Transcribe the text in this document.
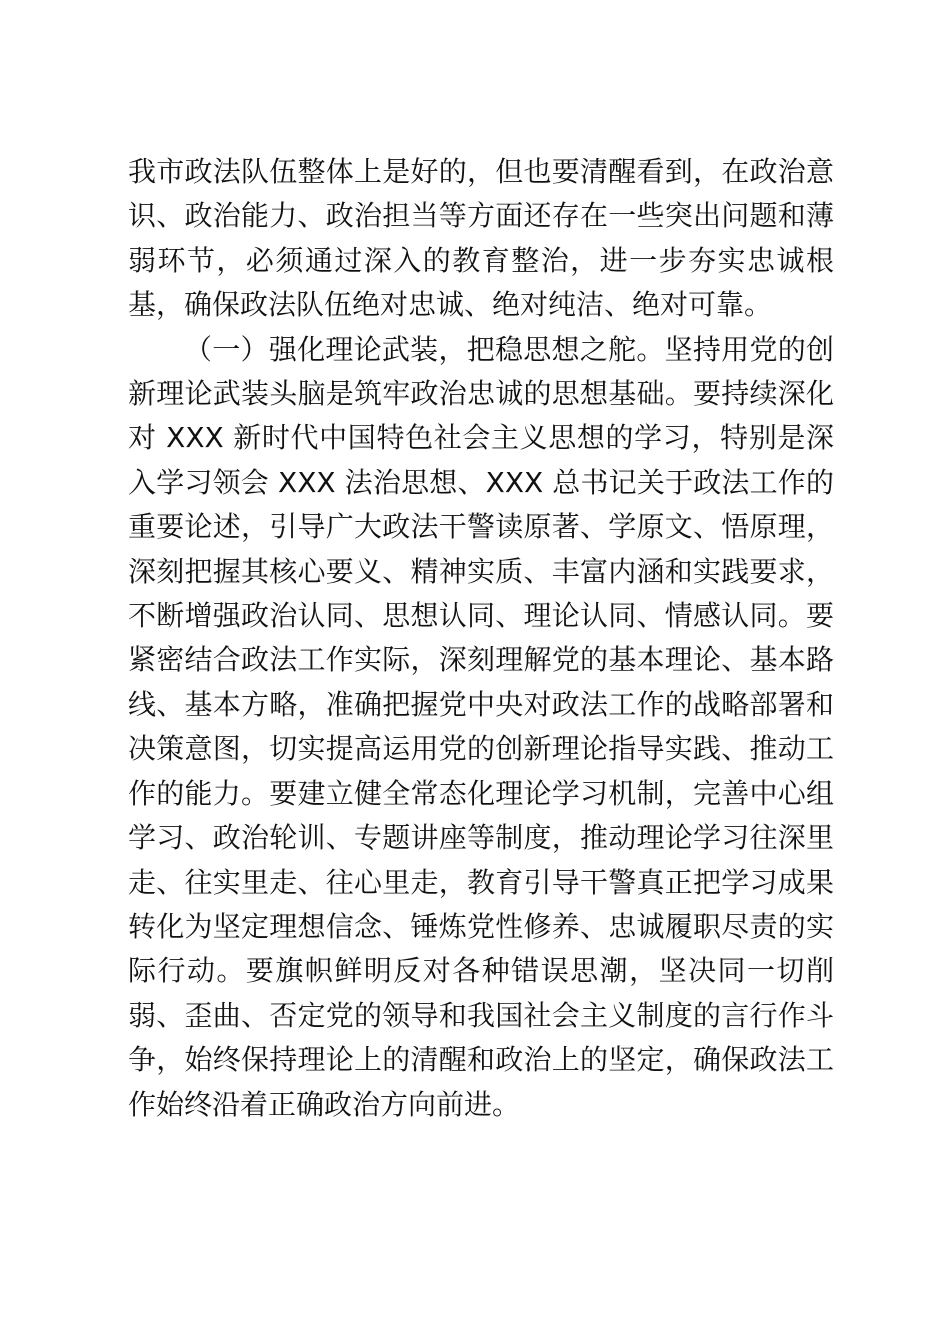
我市政法队伍整体上是好的，但也要清醒看到，在政治意识、政治能力、政治担当等方面还存在一些突出问题和薄弱环节，必须通过深入的教育整治，进一步夯实忠诚根基，确保政法队伍绝对忠诚、绝对纯洁、绝对可靠。

（一）强化理论武装，把稳思想之舵。坚持用党的创新理论武装头脑是筑牢政治忠诚的思想基础。要持续深化对 XXX 新时代中国特色社会主义思想的学习，特别是深入学习领会 XXX 法治思想、XXX 总书记关于政法工作的重要论述，引导广大政法干警读原著、学原文、悟原理，深刻把握其核心要义、精神实质、丰富内涵和实践要求，不断增强政治认同、思想认同、理论认同、情感认同。要紧密结合政法工作实际，深刻理解党的基本理论、基本路线、基本方略，准确把握党中央对政法工作的战略部署和决策意图，切实提高运用党的创新理论指导实践、推动工作的能力。要建立健全常态化理论学习机制，完善中心组学习、政治轮训、专题讲座等制度，推动理论学习往深里走、往实里走、往心里走，教育引导干警真正把学习成果转化为坚定理想信念、锤炼党性修养、忠诚履职尽责的实际行动。要旗帜鲜明反对各种错误思潮，坚决同一切削弱、歪曲、否定党的领导和我国社会主义制度的言行作斗争，始终保持理论上的清醒和政治上的坚定，确保政法工作始终沿着正确政治方向前进。
